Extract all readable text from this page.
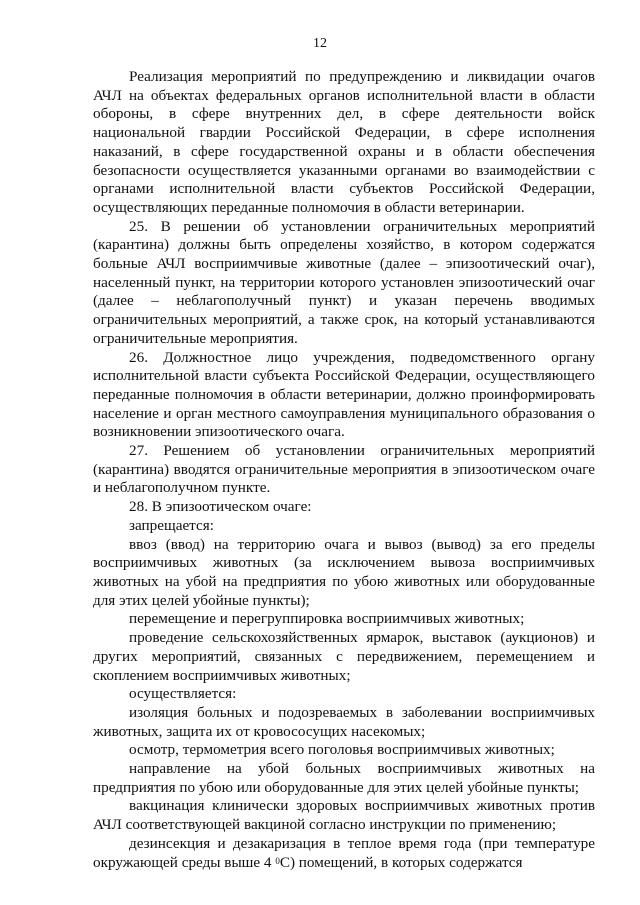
12

Реализация мероприятий по предупреждению и ликвидации очагов АЧЛ на объектах федеральных органов исполнительной власти в области обороны, в сфере внутренних дел, в сфере деятельности войск национальной гвардии Российской Федерации, в сфере исполнения наказаний, в сфере государственной охраны и в области обеспечения безопасности осуществляется указанными органами во взаимодействии с органами исполнительной власти субъектов Российской Федерации, осуществляющих переданные полномочия в области ветеринарии.

25. В решении об установлении ограничительных мероприятий (карантина) должны быть определены хозяйство, в котором содержатся больные АЧЛ восприимчивые животные (далее – эпизоотический очаг), населенный пункт, на территории которого установлен эпизоотический очаг (далее – неблагополучный пункт) и указан перечень вводимых ограничительных мероприятий, а также срок, на который устанавливаются ограничительные мероприятия.

26. Должностное лицо учреждения, подведомственного органу исполнительной власти субъекта Российской Федерации, осуществляющего переданные полномочия в области ветеринарии, должно проинформировать население и орган местного самоуправления муниципального образования о возникновении эпизоотического очага.

27. Решением об установлении ограничительных мероприятий (карантина) вводятся ограничительные мероприятия в эпизоотическом очаге и неблагополучном пункте.

28. В эпизоотическом очаге:

запрещается:

ввоз (ввод) на территорию очага и вывоз (вывод) за его пределы восприимчивых животных (за исключением вывоза восприимчивых животных на убой на предприятия по убою животных или оборудованные для этих целей убойные пункты);

перемещение и перегруппировка восприимчивых животных;

проведение сельскохозяйственных ярмарок, выставок (аукционов) и других мероприятий, связанных с передвижением, перемещением и скоплением восприимчивых животных;

осуществляется:

изоляция больных и подозреваемых в заболевании восприимчивых животных, защита их от кровососущих насекомых;

осмотр, термометрия всего поголовья восприимчивых животных;

направление на убой больных восприимчивых животных на предприятия по убою или оборудованные для этих целей убойные пункты;

вакцинация клинически здоровых восприимчивых животных против АЧЛ соответствующей вакциной согласно инструкции по применению;

дезинсекция и дезакаризация в теплое время года (при температуре окружающей среды выше 4 $^0$С) помещений, в которых содержатся
